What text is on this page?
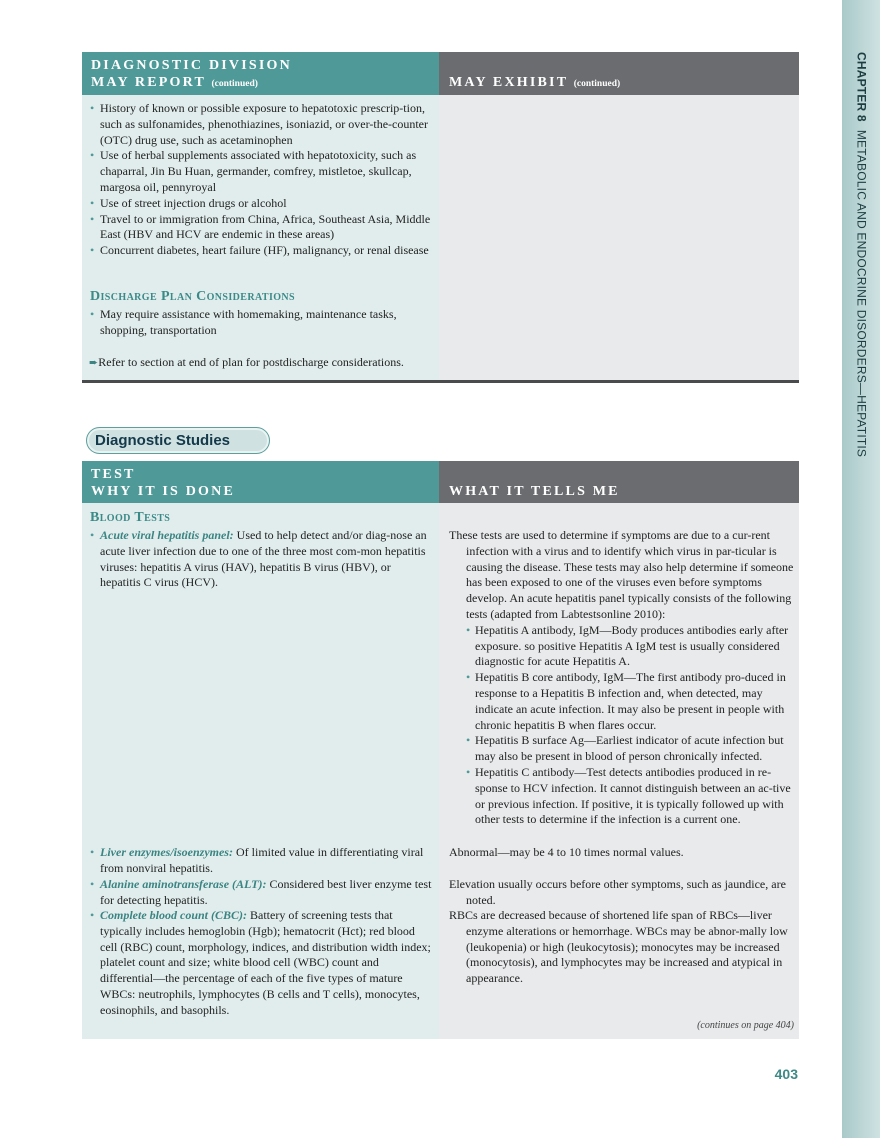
CHAPTER 8METABOLIC AND ENDOCRINE DISORDERS—HEPATITIS
DIAGNOSTIC DIVISION
MAY REPORT (continued)	MAY EXHIBIT (continued)
• History of known or possible exposure to hepatotoxic prescrip-tion, such as sulfonamides, phenothiazines, isoniazid, or over-the-counter (OTC) drug use, such as acetaminophen
• Use of herbal supplements associated with hepatotoxicity, such as chaparral, Jin Bu Huan, germander, comfrey, mistletoe, skullcap, margosa oil, pennyroyal
• Use of street injection drugs or alcohol
• Travel to or immigration from China, Africa, Southeast Asia, Middle East (HBV and HCV are endemic in these areas)
• Concurrent diabetes, heart failure (HF), malignancy, or renal disease
Discharge Plan Considerations
• May require assistance with homemaking, maintenance tasks, shopping, transportation
➨Refer to section at end of plan for postdischarge considerations.
Diagnostic Studies
TEST
WHY IT IS DONE	WHAT IT TELLS ME
Blood Tests
• Acute viral hepatitis panel: Used to help detect and/or diag-nose an acute liver infection due to one of the three most com-mon hepatitis viruses: hepatitis A virus (HAV), hepatitis B virus (HBV), or hepatitis C virus (HCV).
• Liver enzymes/isoenzymes: Of limited value in differentiating viral from nonviral hepatitis.
• Alanine aminotransferase (ALT): Considered best liver enzyme test for detecting hepatitis.
• Complete blood count (CBC): Battery of screening tests that typically includes hemoglobin (Hgb); hematocrit (Hct); red blood cell (RBC) count, morphology, indices, and distribution width index; platelet count and size; white blood cell (WBC) count and differential—the percentage of each of the five types of mature WBCs: neutrophils, lymphocytes (B cells and T cells), monocytes, eosinophils, and basophils.
These tests are used to determine if symptoms are due to a cur-rent infection with a virus and to identify which virus in par-ticular is causing the disease. These tests may also help determine if someone has been exposed to one of the viruses even before symptoms develop. An acute hepatitis panel typically consists of the following tests (adapted from Labtestsonline 2010):
• Hepatitis A antibody, IgM—Body produces antibodies early after exposure. so positive Hepatitis A IgM test is usually considered diagnostic for acute Hepatitis A.
• Hepatitis B core antibody, IgM—The first antibody pro-duced in response to a Hepatitis B infection and, when detected, may indicate an acute infection. It may also be present in people with chronic hepatitis B when flares occur.
• Hepatitis B surface Ag—Earliest indicator of acute infection but may also be present in blood of person chronically infected.
• Hepatitis C antibody—Test detects antibodies produced in re-sponse to HCV infection. It cannot distinguish between an ac-tive or previous infection. If positive, it is typically followed up with other tests to determine if the infection is a current one.
Abnormal—may be 4 to 10 times normal values.
Elevation usually occurs before other symptoms, such as jaundice, are noted.
RBCs are decreased because of shortened life span of RBCs—liver enzyme alterations or hemorrhage. WBCs may be abnor-mally low (leukopenia) or high (leukocytosis); monocytes may be increased (monocytosis), and lymphocytes may be increased and atypical in appearance.
(continues on page 404)
403
